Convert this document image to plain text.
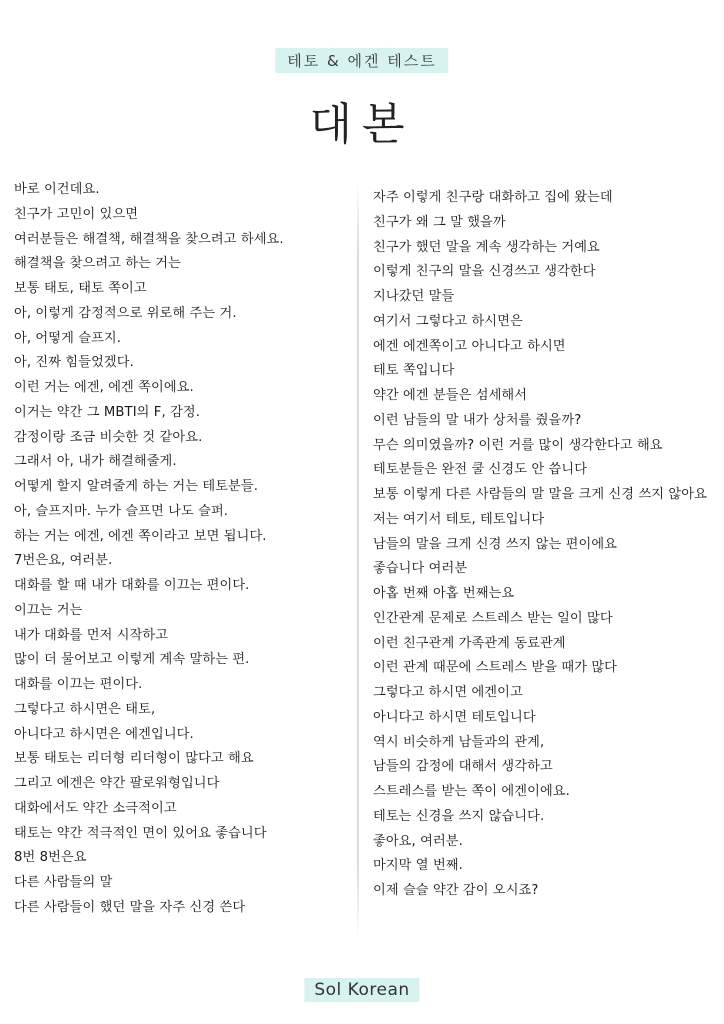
테토 & 에겐 테스트
대본
바로 이건데요.
친구가 고민이 있으면
여러분들은 해결책, 해결책을 찾으려고 하세요.
해결책을 찾으려고 하는 거는
보통 태토, 태토 쪽이고
아, 이렇게 감정적으로 위로해 주는 거.
아, 어떻게 슬프지.
아, 진짜 힘들었겠다.
이런 거는 에겐, 에겐 쪽이에요.
이거는 약간 그 MBTI의 F, 감정.
감정이랑 조금 비슷한 것 같아요.
그래서 아, 내가 해결해줄게.
어떻게 할지 알려줄게 하는 거는 테토분들.
아, 슬프지마. 누가 슬프면 나도 슬퍼.
하는 거는 에겐, 에겐 쪽이라고 보면 됩니다.
7번은요, 여러분.
대화를 할 때 내가 대화를 이끄는 편이다.
이끄는 거는
내가 대화를 먼저 시작하고
많이 더 물어보고 이렇게 계속 말하는 편.
대화를 이끄는 편이다.
그렇다고 하시면은 태토,
아니다고 하시면은 에겐입니다.
보통 태토는 리더형 리더형이 많다고 해요
그리고 에겐은 약간 팔로워형입니다
대화에서도 약간 소극적이고
태토는 약간 적극적인 면이 있어요 좋습니다
8번 8번은요
다른 사람들의 말
다른 사람들이 했던 말을 자주 신경 쓴다
자주 이렇게 친구랑 대화하고 집에 왔는데
친구가 왜 그 말 했을까
친구가 했던 말을 계속 생각하는 거예요
이렇게 친구의 말을 신경쓰고 생각한다
지나갔던 말들
여기서 그렇다고 하시면은
에겐 에겐쪽이고 아니다고 하시면
테토 쪽입니다
약간 에겐 분들은 섬세해서
이런 남들의 말 내가 상처를 줬을까?
무슨 의미였을까? 이런 거를 많이 생각한다고 해요
테토분들은 완전 쿨 신경도 안 씁니다
보통 이렇게 다른 사람들의 말 말을 크게 신경 쓰지 않아요
저는 여기서 테토, 테토입니다
남들의 말을 크게 신경 쓰지 않는 편이에요
좋습니다 여러분
아홉 번째 아홉 번째는요
인간관계 문제로 스트레스 받는 일이 많다
이런 친구관계 가족관계 동료관계
이런 관계 때문에 스트레스 받을 때가 많다
그렇다고 하시면 에겐이고
아니다고 하시면 테토입니다
역시 비슷하게 남들과의 관계,
남들의 감정에 대해서 생각하고
스트레스를 받는 쪽이 에겐이에요.
테토는 신경을 쓰지 않습니다.
좋아요, 여러분.
마지막 열 번째.
이제 슬슬 약간 감이 오시죠?
Sol Korean
